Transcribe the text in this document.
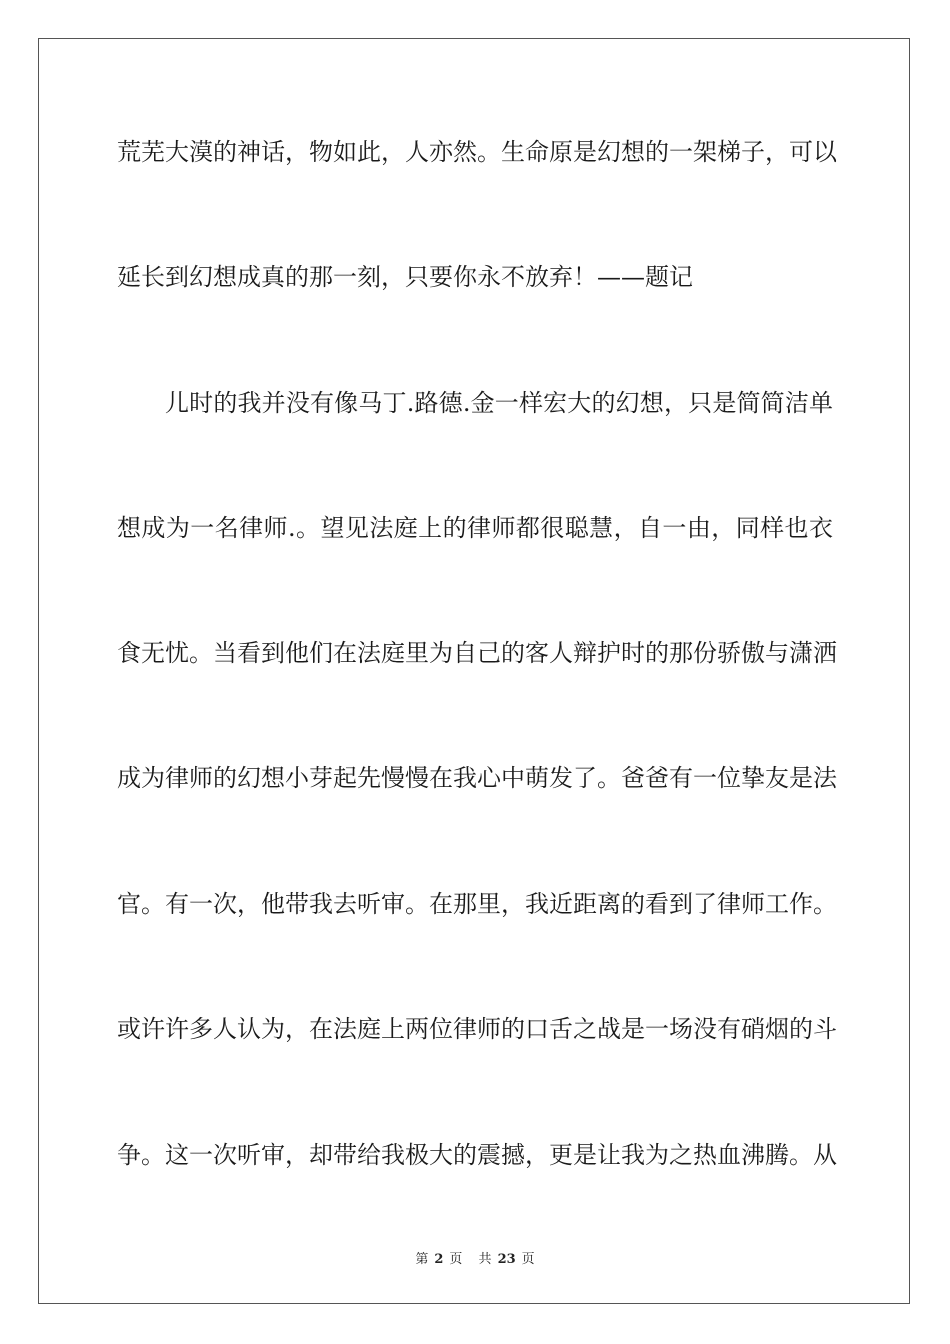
荒芜大漠的神话，物如此，人亦然。生命原是幻想的一架梯子，可以
延长到幻想成真的那一刻，只要你永不放弃！——题记
儿时的我并没有像马丁.路德.金一样宏大的幻想，只是简简洁单
想成为一名律师.。望见法庭上的律师都很聪慧，自一由，同样也衣
食无忧。当看到他们在法庭里为自己的客人辩护时的那份骄傲与潇洒
成为律师的幻想小芽起先慢慢在我心中萌发了。爸爸有一位挚友是法
官。有一次，他带我去听审。在那里，我近距离的看到了律师工作。
或许许多人认为，在法庭上两位律师的口舌之战是一场没有硝烟的斗
争。这一次听审，却带给我极大的震撼，更是让我为之热血沸腾。从
第 2 页 共 23 页
